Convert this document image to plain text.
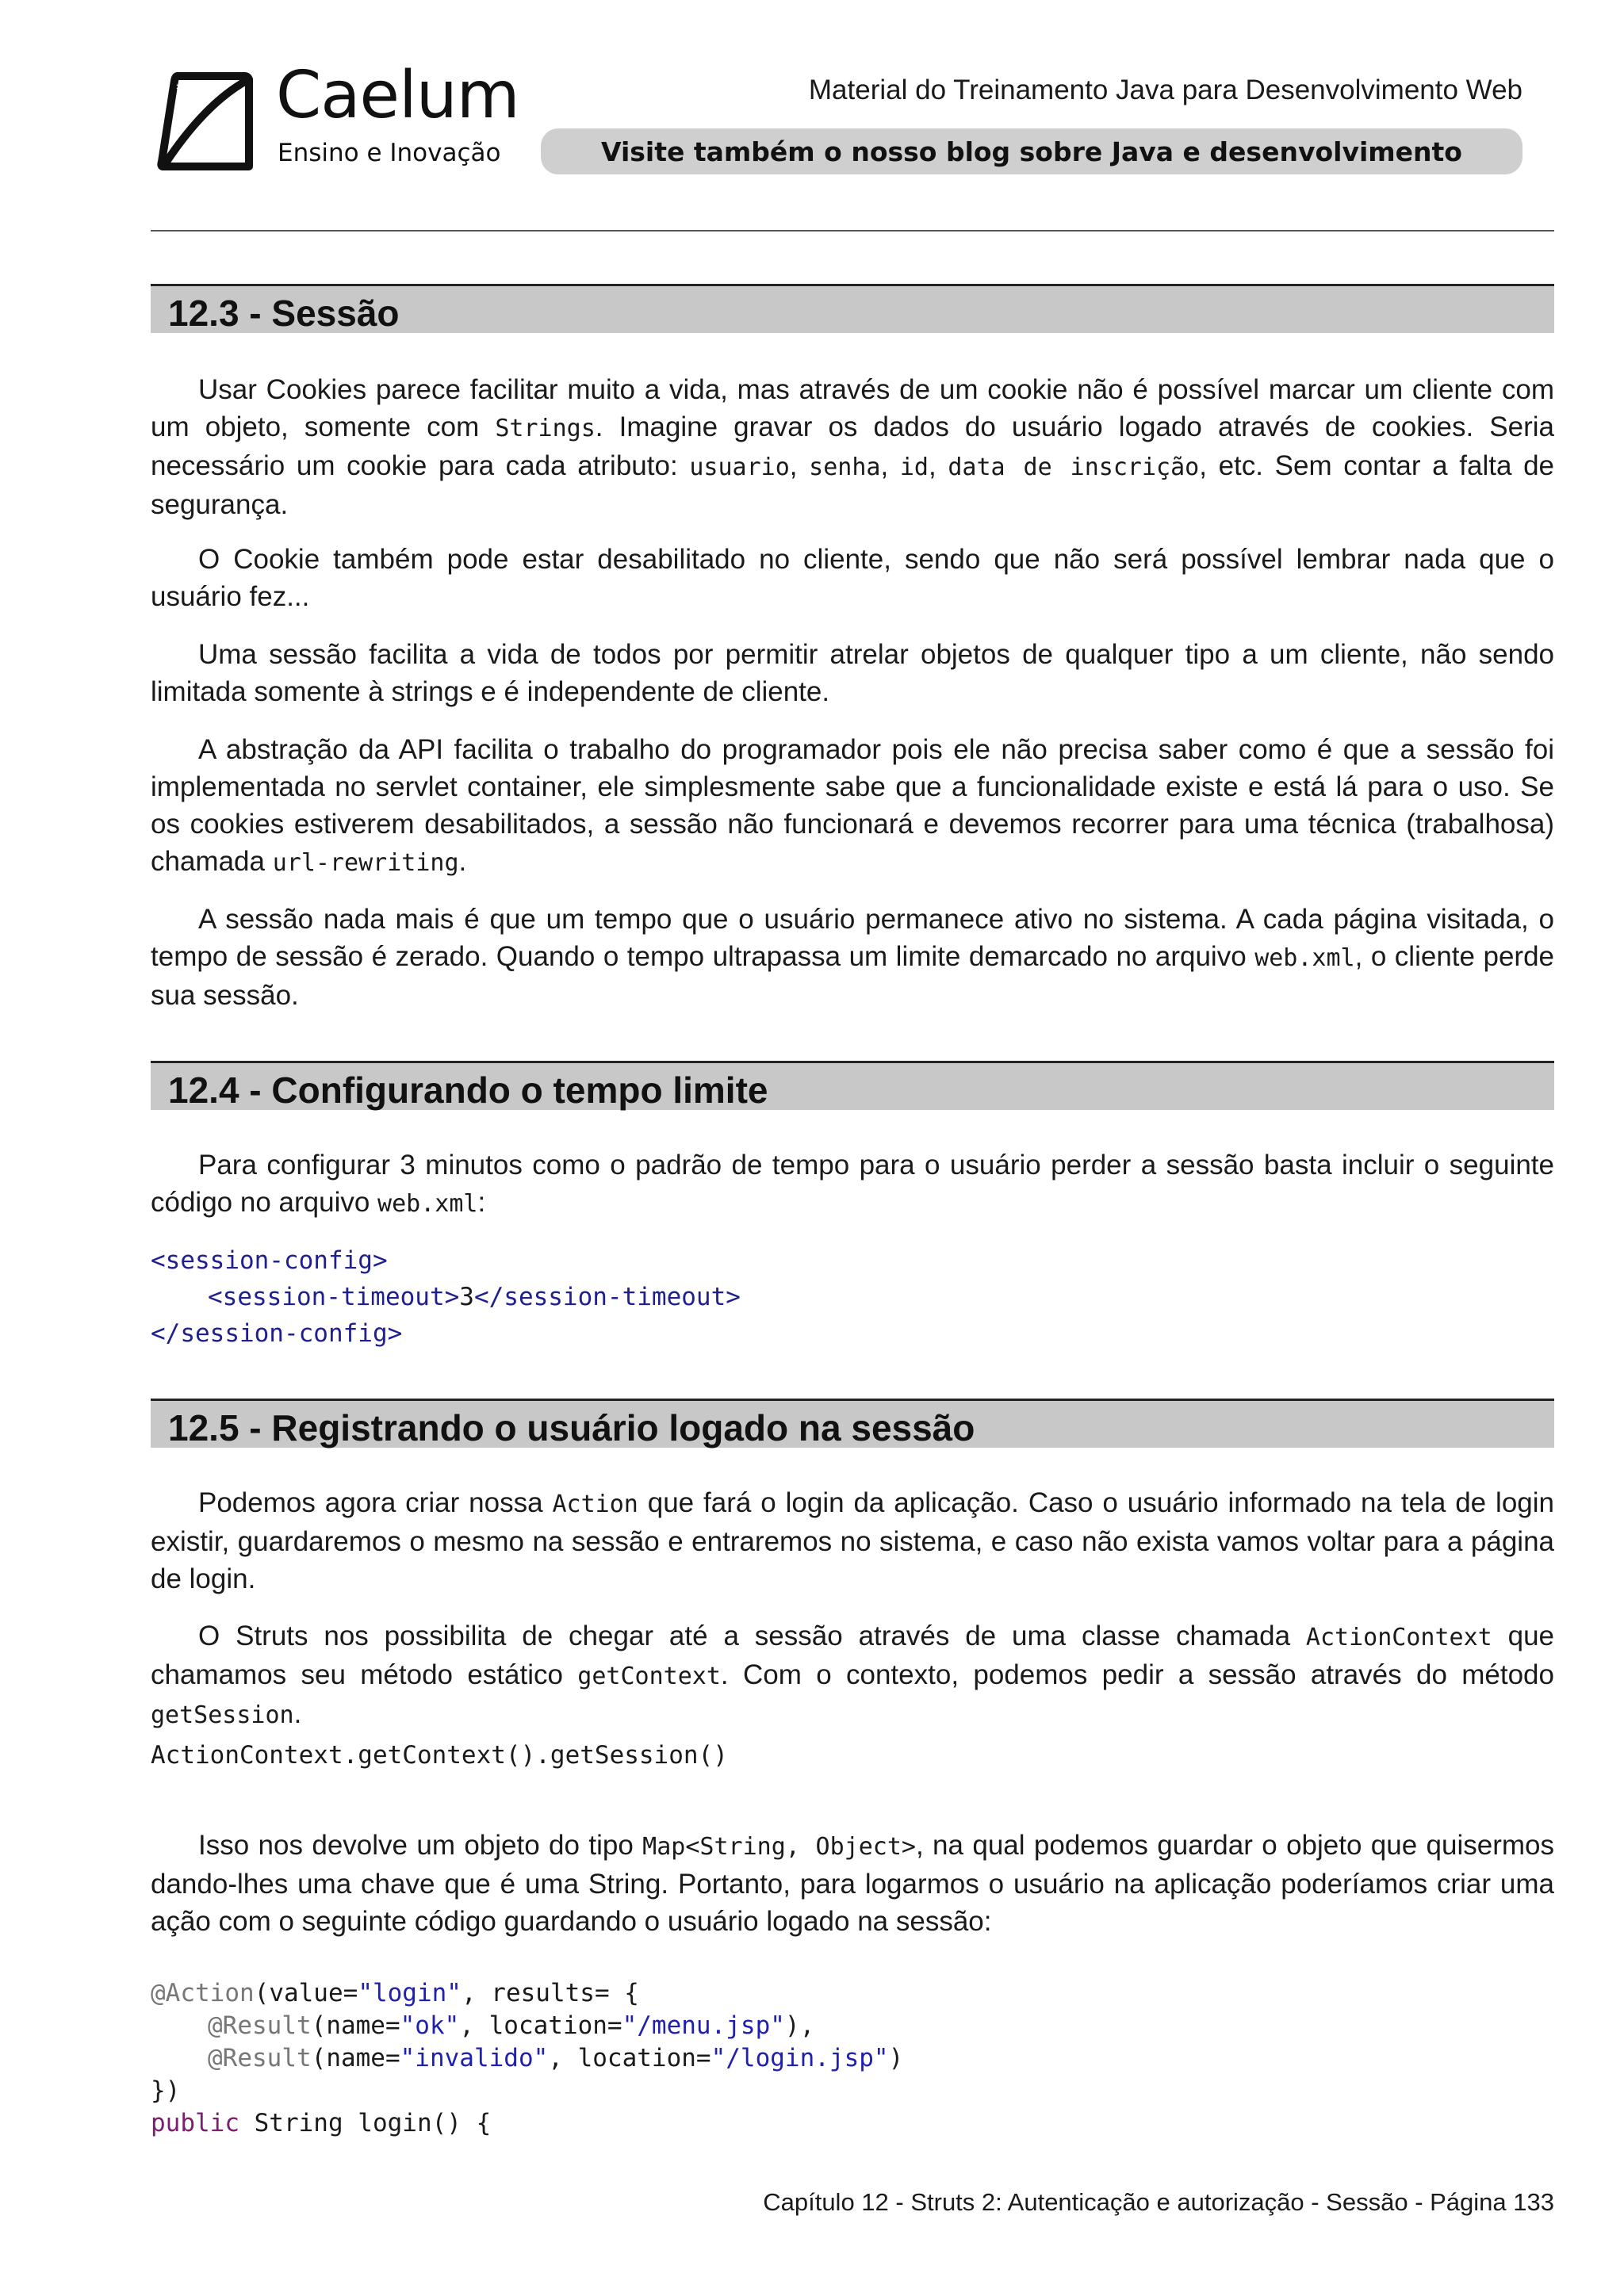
* Caelum
Ensino e Inovação
Material do Treinamento Java para Desenvolvimento Web
Visite também o nosso blog sobre Java e desenvolvimento
12.3 - Sessão

Usar Cookies parece facilitar muito a vida, mas através de um cookie não é possível marcar um cliente com um objeto, somente com Strings. Imagine gravar os dados do usuário logado através de cookies. Seria necessário um cookie para cada atributo: usuario, senha, id, data de inscrição, etc. Sem contar a falta de segurança.

O Cookie também pode estar desabilitado no cliente, sendo que não será possível lembrar nada que o usuário fez...

Uma sessão facilita a vida de todos por permitir atrelar objetos de qualquer tipo a um cliente, não sendo limitada somente à strings e é independente de cliente.

A abstração da API facilita o trabalho do programador pois ele não precisa saber como é que a sessão foi implementada no servlet container, ele simplesmente sabe que a funcionalidade existe e está lá para o uso. Se os cookies estiverem desabilitados, a sessão não funcionará e devemos recorrer para uma técnica (trabalhosa) chamada url-rewriting.

A sessão nada mais é que um tempo que o usuário permanece ativo no sistema. A cada página visitada, o tempo de sessão é zerado. Quando o tempo ultrapassa um limite demarcado no arquivo web.xml, o cliente perde sua sessão.

12.4 - Configurando o tempo limite

Para configurar 3 minutos como o padrão de tempo para o usuário perder a sessão basta incluir o seguinte código no arquivo web.xml:

<session-config>
<session-timeout>3</session-timeout>
</session-config>
12.5 - Registrando o usuário logado na sessão

Podemos agora criar nossa Action que fará o login da aplicação. Caso o usuário informado na tela de login existir, guardaremos o mesmo na sessão e entraremos no sistema, e caso não exista vamos voltar para a página de login.

O Struts nos possibilita de chegar até a sessão através de uma classe chamada ActionContext que chamamos seu método estático getContext. Com o contexto, podemos pedir a sessão através do método getSession.

ActionContext.getContext().getSession()

Isso nos devolve um objeto do tipo Map<String, Object>, na qual podemos guardar o objeto que quisermos dando-lhes uma chave que é uma String. Portanto, para logarmos o usuário na aplicação poderíamos criar uma ação com o seguinte código guardando o usuário logado na sessão:

@Action(value="login", results= {
@Result(name="ok", location="/menu.jsp"),
@Result(name="invalido", location="/login.jsp")
})
public String login() {
Capítulo 12 - Struts 2: Autenticação e autorização - Sessão - Página 133
